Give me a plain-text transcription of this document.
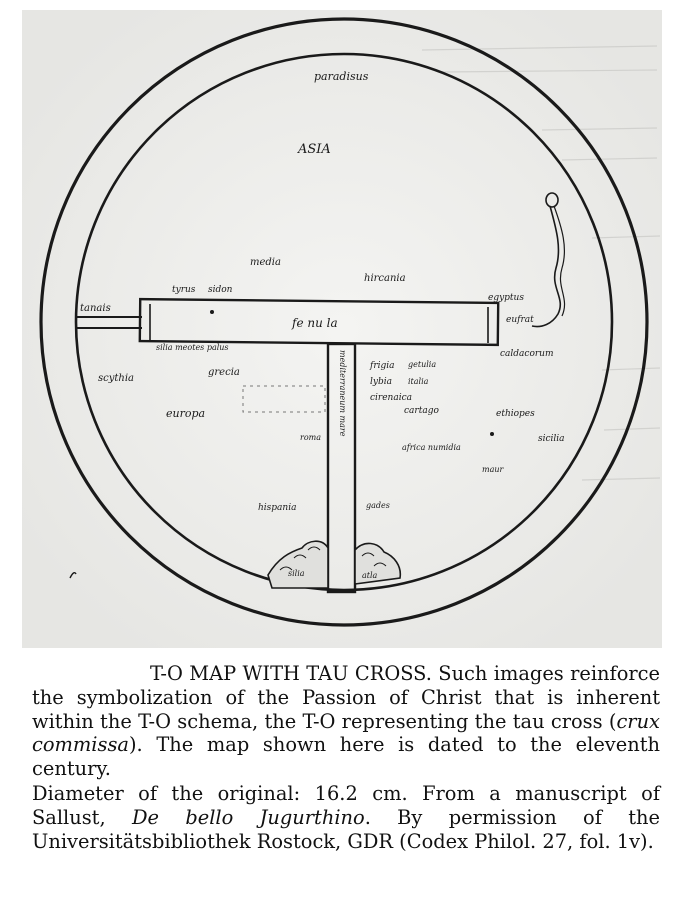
paradisus
ASIA
media
hircania
tyrus sidon
egyptus
tanais
eufrat
fe nu la
silia meotes palus
caldacorum
scythia
grecia
europa
roma
mediterraneum mare	frigia
lybia
cirenaica
cartago
getulia
italia
ethiopes
africa numidia
sicilia
maur
hispania	gades
silia	atla

T-O MAP WITH TAU CROSS. Such images reinforce the symbolization of the Passion of Christ that is inherent within the T-O schema, the T-O representing the tau cross (crux commissa). The map shown here is dated to the eleventh century.

Diameter of the original: 16.2 cm. From a manuscript of Sallust, De bello Jugurthino. By permission of the Universitätsbibliothek Rostock, GDR (Codex Philol. 27, fol. 1v).
